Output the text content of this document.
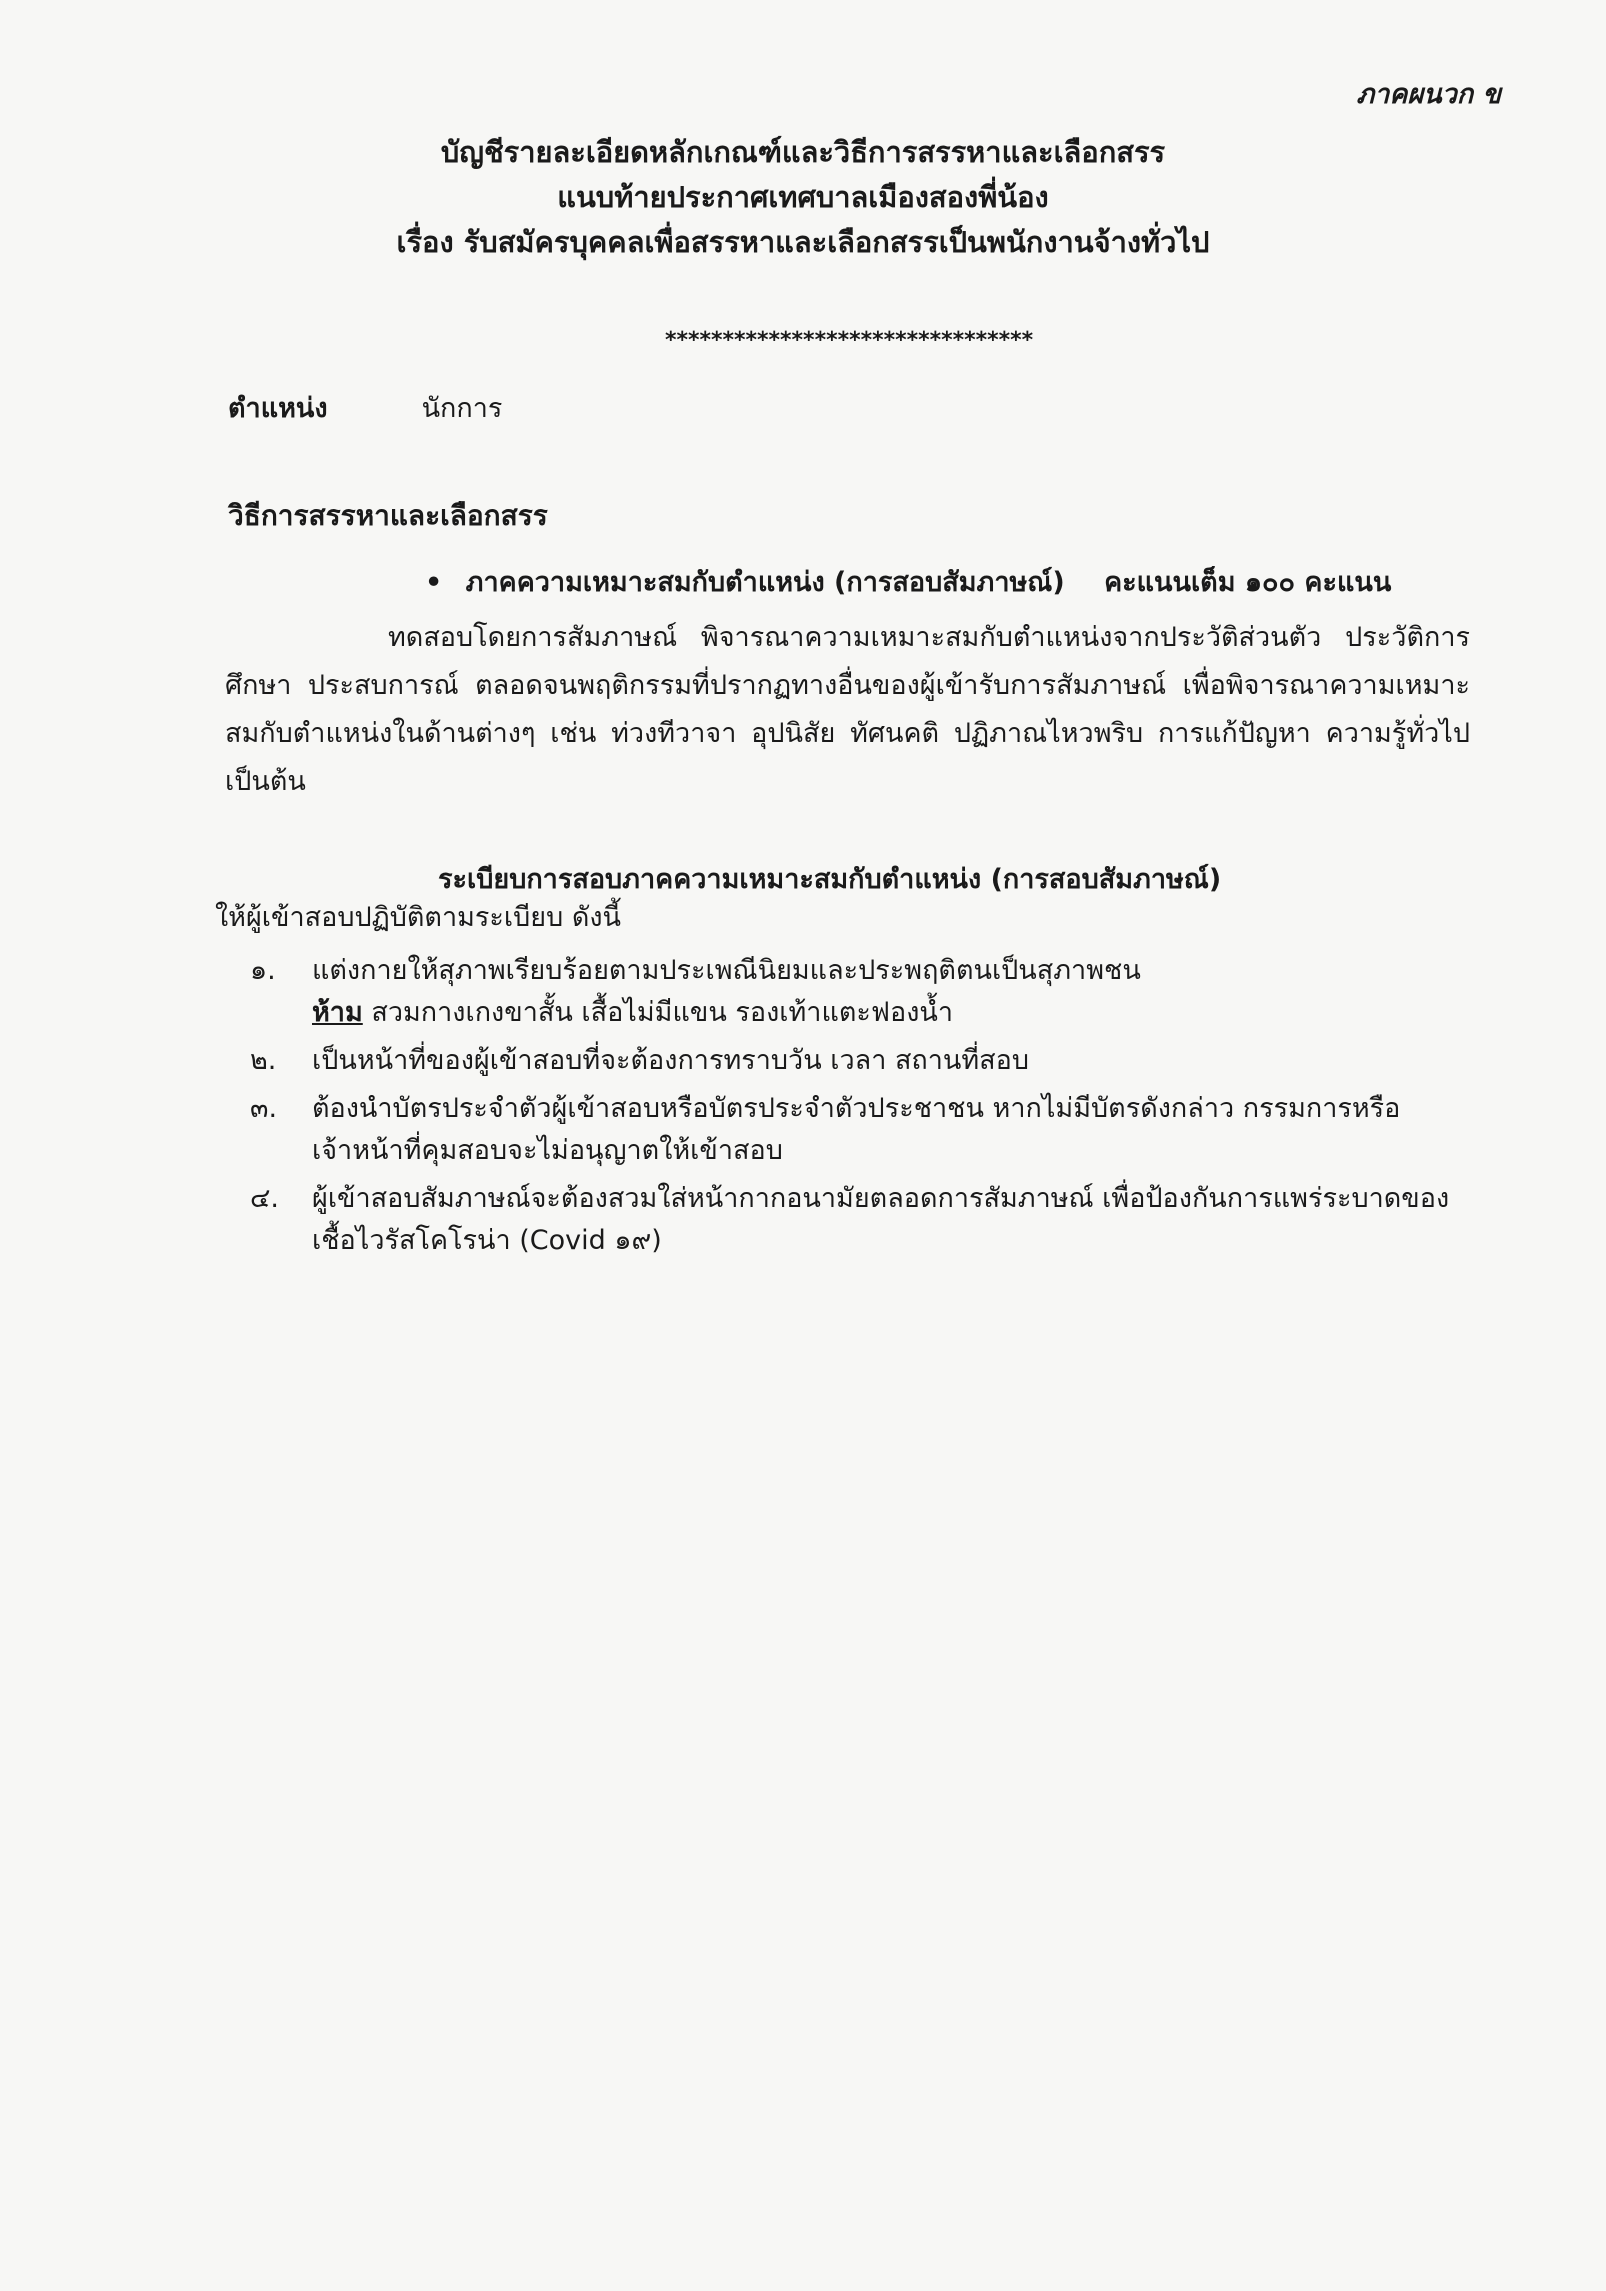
ภาคผนวก ข
บัญชีรายละเอียดหลักเกณฑ์และวิธีการสรรหาและเลือกสรร
แนบท้ายประกาศเทศบาลเมืองสองพี่น้อง
เรื่อง รับสมัครบุคคลเพื่อสรรหาและเลือกสรรเป็นพนักงานจ้างทั่วไป
********************************
ตำแหน่ง	นักการ
วิธีการสรรหาและเลือกสรร
• ภาคความเหมาะสมกับตำแหน่ง (การสอบสัมภาษณ์) คะแนนเต็ม ๑๐๐ คะแนน
ทดสอบโดยการสัมภาษณ์ พิจารณาความเหมาะสมกับตำแหน่งจากประวัติส่วนตัว ประวัติการศึกษา ประสบการณ์ ตลอดจนพฤติกรรมที่ปรากฏทางอื่นของผู้เข้ารับการสัมภาษณ์ เพื่อพิจารณาความเหมาะสมกับตำแหน่งในด้านต่างๆ เช่น ท่วงทีวาจา อุปนิสัย ทัศนคติ ปฏิภาณไหวพริบ การแก้ปัญหา ความรู้ทั่วไป เป็นต้น
ระเบียบการสอบภาคความเหมาะสมกับตำแหน่ง (การสอบสัมภาษณ์)
ให้ผู้เข้าสอบปฏิบัติตามระเบียบ ดังนี้
๑.	แต่งกายให้สุภาพเรียบร้อยตามประเพณีนิยมและประพฤติตนเป็นสุภาพชน
ห้าม สวมกางเกงขาสั้น เสื้อไม่มีแขน รองเท้าแตะฟองน้ำ
๒.	เป็นหน้าที่ของผู้เข้าสอบที่จะต้องการทราบวัน เวลา สถานที่สอบ
๓.	ต้องนำบัตรประจำตัวผู้เข้าสอบหรือบัตรประจำตัวประชาชน หากไม่มีบัตรดังกล่าว กรรมการหรือ
เจ้าหน้าที่คุมสอบจะไม่อนุญาตให้เข้าสอบ
๔.	ผู้เข้าสอบสัมภาษณ์จะต้องสวมใส่หน้ากากอนามัยตลอดการสัมภาษณ์ เพื่อป้องกันการแพร่ระบาดของ
เชื้อไวรัสโคโรน่า (Covid ๑๙)
